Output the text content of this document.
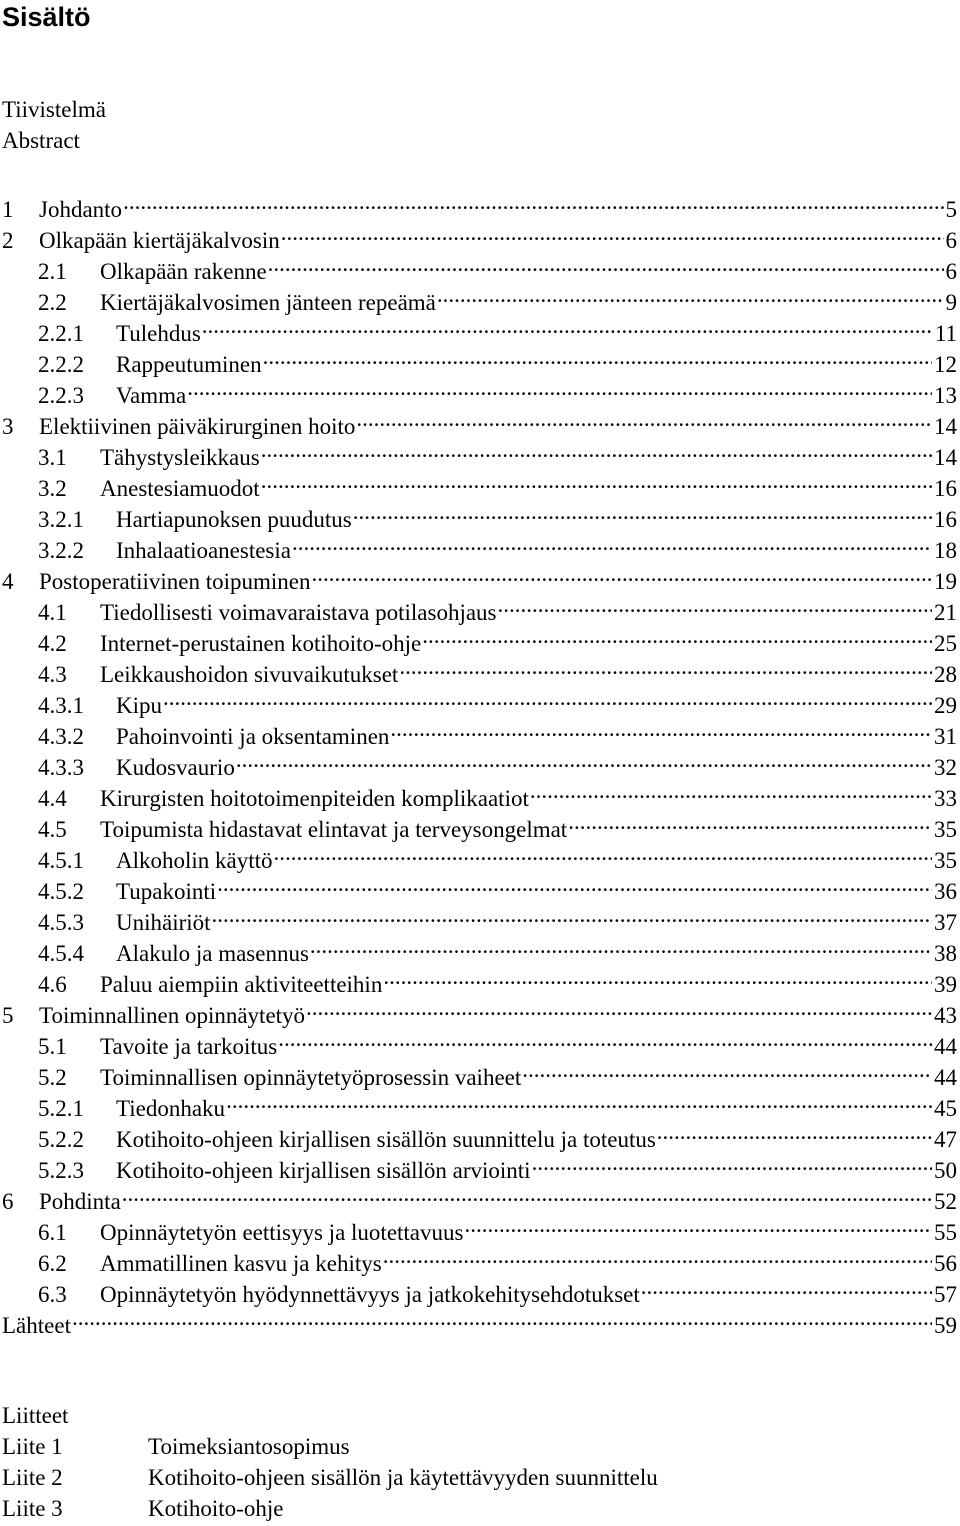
Sisältö
Tiivistelmä
Abstract
1	Johdanto .....	5
2	Olkapään kiertäjäkalvosin .....	6
2.1	Olkapään rakenne .....	6
2.2	Kiertäjäkalvosimen jänteen repeämä .....	9
2.2.1	Tulehdus .....	11
2.2.2	Rappeutuminen .....	12
2.2.3	Vamma .....	13
3	Elektiivinen päiväkirurginen hoito .....	14
3.1	Tähystysleikkaus .....	14
3.2	Anestesiamuodot .....	16
3.2.1	Hartiapunoksen puudutus .....	16
3.2.2	Inhalaatioanestesia .....	18
4	Postoperatiivinen toipuminen .....	19
4.1	Tiedollisesti voimavaraistava potilasohjaus .....	21
4.2	Internet-perustainen kotihoito-ohje .....	25
4.3	Leikkaushoidon sivuvaikutukset .....	28
4.3.1	Kipu .....	29
4.3.2	Pahoinvointi ja oksentaminen .....	31
4.3.3	Kudosvaurio .....	32
4.4	Kirurgisten hoitotoimenpiteiden komplikaatiot .....	33
4.5	Toipumista hidastavat elintavat ja terveysongelmat .....	35
4.5.1	Alkoholin käyttö .....	35
4.5.2	Tupakointi .....	36
4.5.3	Unihäiriöt .....	37
4.5.4	Alakulo ja masennus .....	38
4.6	Paluu aiempiin aktiviteetteihin .....	39
5	Toiminnallinen opinnäytetyö .....	43
5.1	Tavoite ja tarkoitus .....	44
5.2	Toiminnallisen opinnäytetyöprosessin vaiheet .....	44
5.2.1	Tiedonhaku .....	45
5.2.2	Kotihoito-ohjeen kirjallisen sisällön suunnittelu ja toteutus .....	47
5.2.3	Kotihoito-ohjeen kirjallisen sisällön arviointi .....	50
6	Pohdinta .....	52
6.1	Opinnäytetyön eettisyys ja luotettavuus .....	55
6.2	Ammatillinen kasvu ja kehitys .....	56
6.3	Opinnäytetyön hyödynnettävyys ja jatkokehitysehdotukset .....	57
Lähteet .....	59
Liitteet
Liite 1	Toimeksiantosopimus
Liite 2	Kotihoito-ohjeen sisällön ja käytettävyyden suunnittelu
Liite 3	Kotihoito-ohje
